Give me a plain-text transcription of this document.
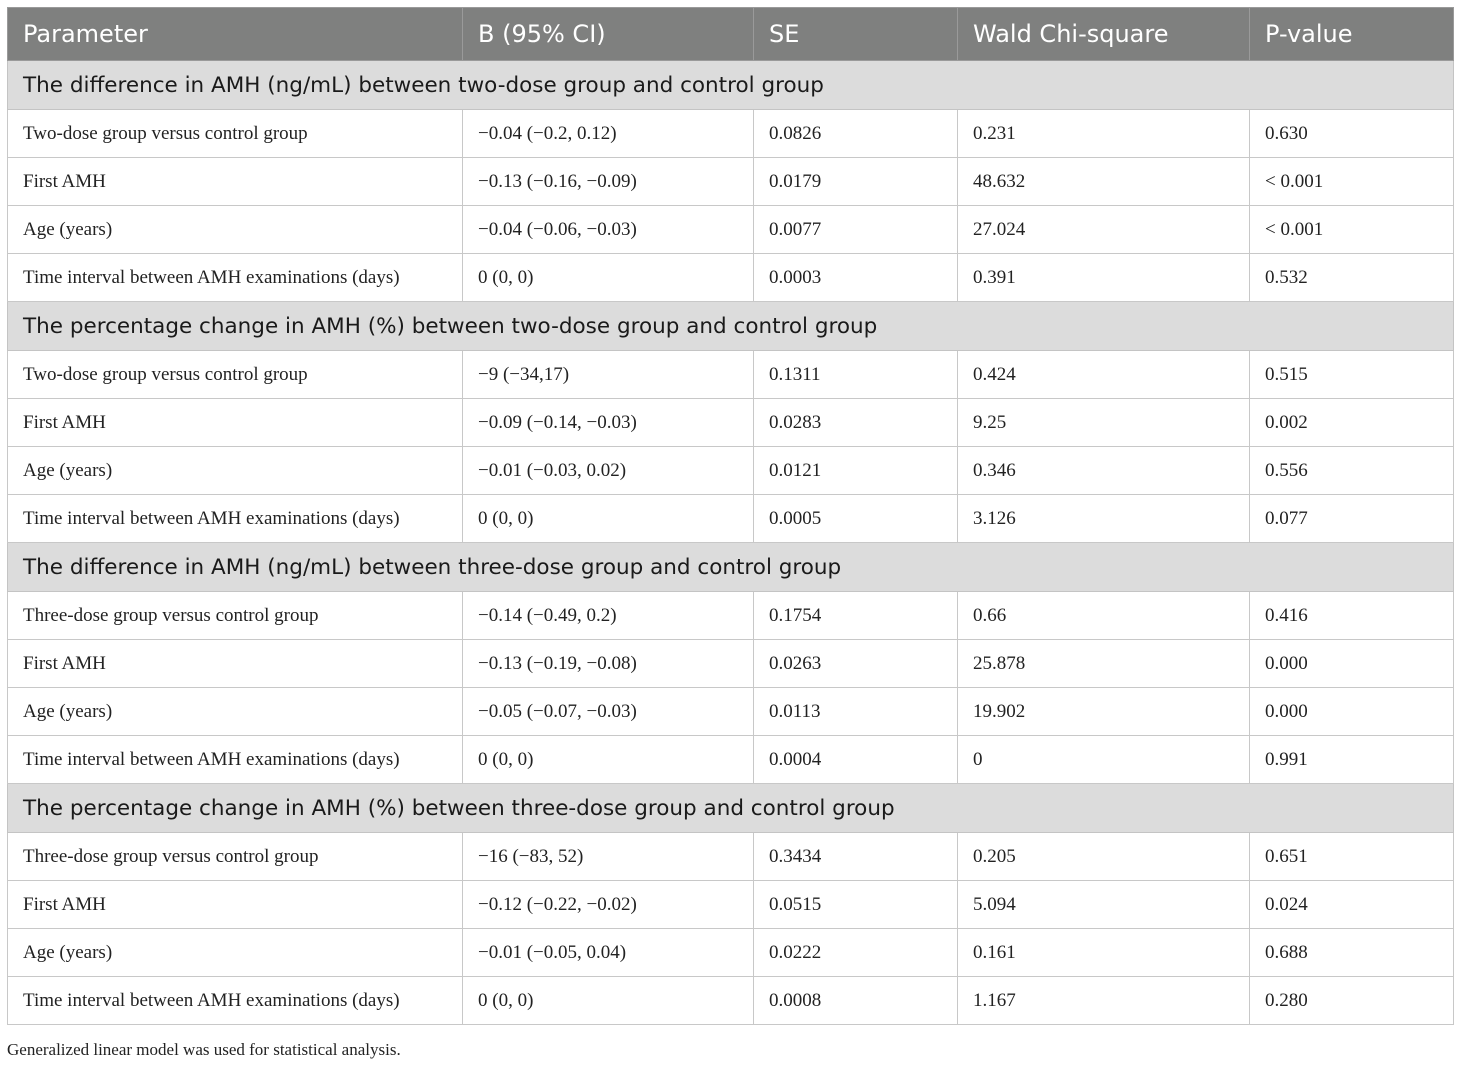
Parameter	B (95% CI)	SE	Wald Chi-square	P-value
The difference in AMH (ng/mL) between two-dose group and control group				
Two-dose group versus control group	−0.04 (−0.2, 0.12)	0.0826	0.231	0.630
First AMH	−0.13 (−0.16, −0.09)	0.0179	48.632	< 0.001
Age (years)	−0.04 (−0.06, −0.03)	0.0077	27.024	< 0.001
Time interval between AMH examinations (days)	0 (0, 0)	0.0003	0.391	0.532
The percentage change in AMH (%) between two-dose group and control group				
Two-dose group versus control group	−9 (−34,17)	0.1311	0.424	0.515
First AMH	−0.09 (−0.14, −0.03)	0.0283	9.25	0.002
Age (years)	−0.01 (−0.03, 0.02)	0.0121	0.346	0.556
Time interval between AMH examinations (days)	0 (0, 0)	0.0005	3.126	0.077
The difference in AMH (ng/mL) between three-dose group and control group				
Three-dose group versus control group	−0.14 (−0.49, 0.2)	0.1754	0.66	0.416
First AMH	−0.13 (−0.19, −0.08)	0.0263	25.878	0.000
Age (years)	−0.05 (−0.07, −0.03)	0.0113	19.902	0.000
Time interval between AMH examinations (days)	0 (0, 0)	0.0004	0	0.991
The percentage change in AMH (%) between three-dose group and control group				
Three-dose group versus control group	−16 (−83, 52)	0.3434	0.205	0.651
First AMH	−0.12 (−0.22, −0.02)	0.0515	5.094	0.024
Age (years)	−0.01 (−0.05, 0.04)	0.0222	0.161	0.688
Time interval between AMH examinations (days)	0 (0, 0)	0.0008	1.167	0.280
Generalized linear model was used for statistical analysis.
